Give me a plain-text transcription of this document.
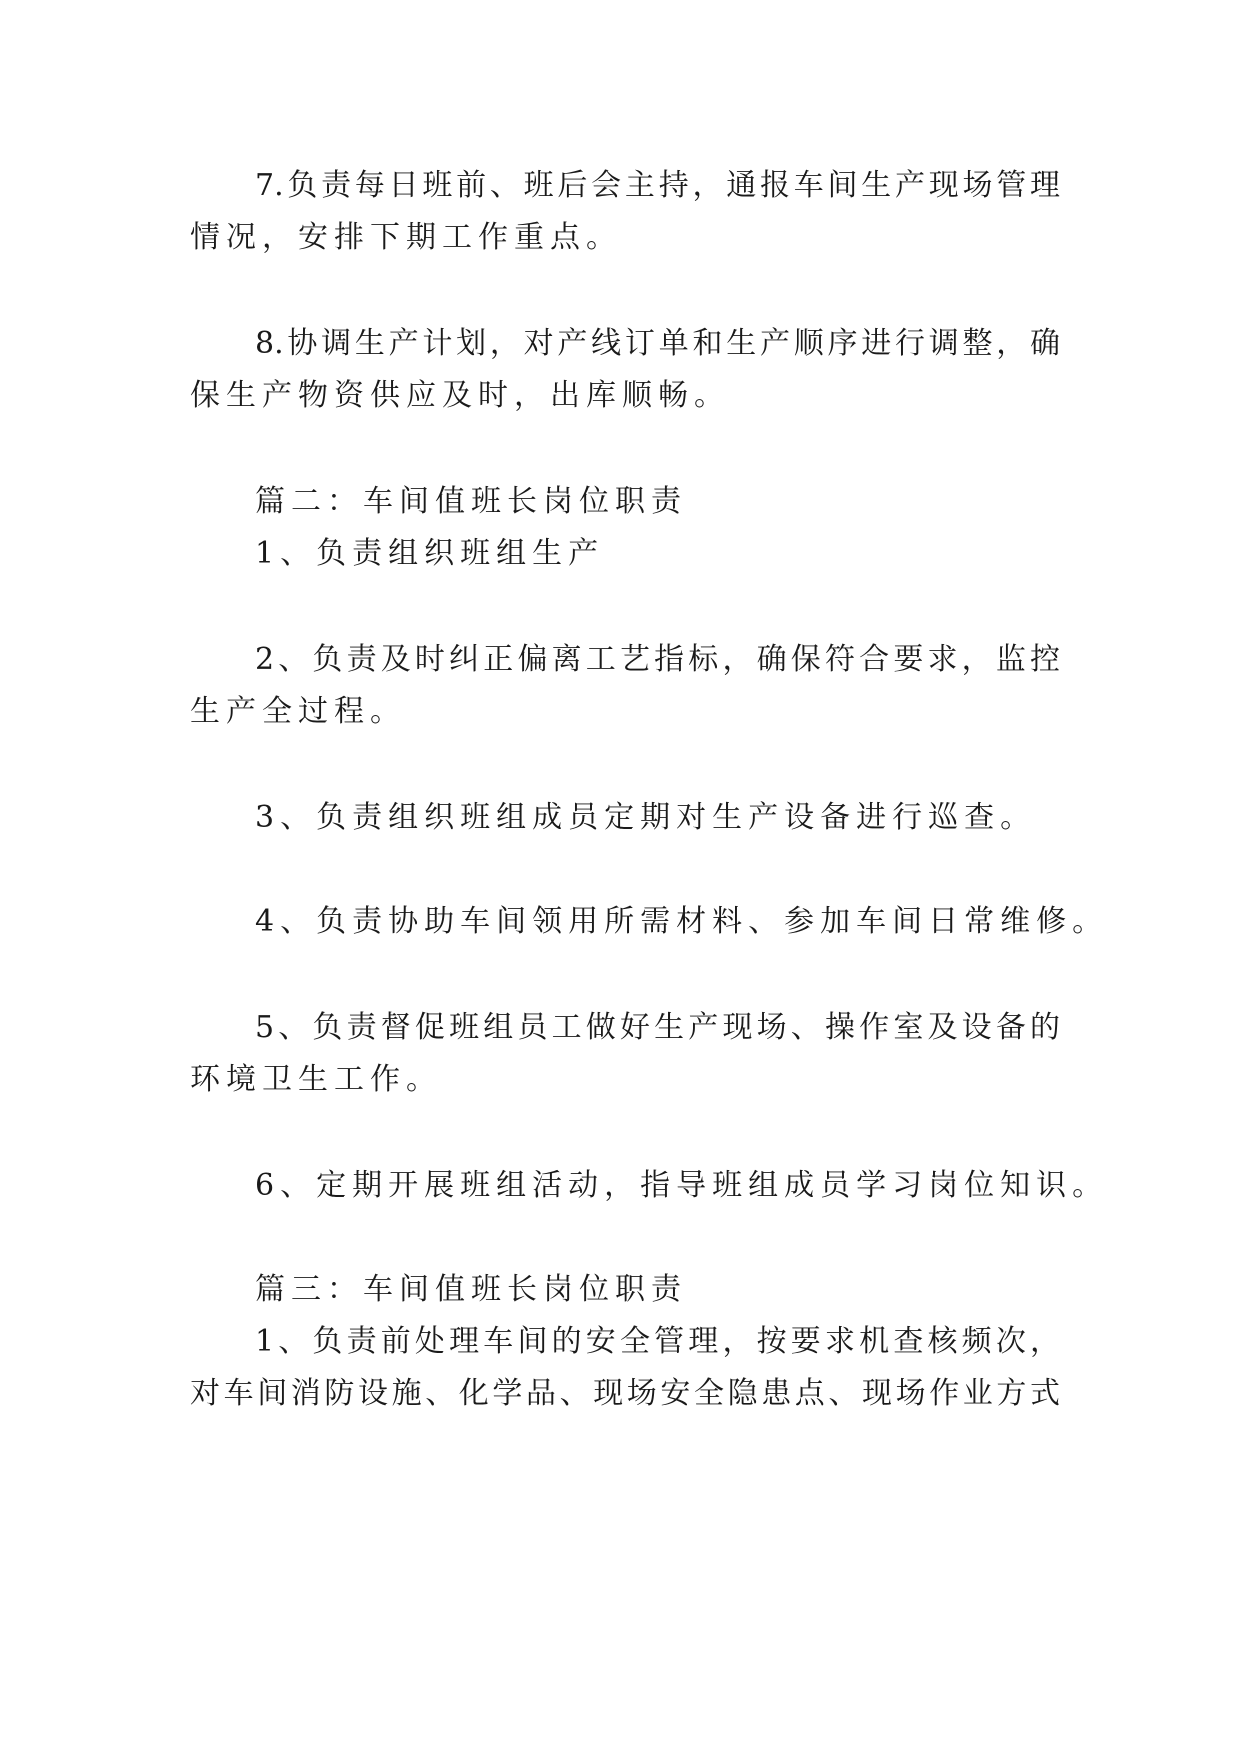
7.负责每日班前、班后会主持，通报车间生产现场管理
情况，安排下期工作重点。
8.协调生产计划，对产线订单和生产顺序进行调整，确
保生产物资供应及时，出库顺畅。
篇二：车间值班长岗位职责
1、负责组织班组生产
2、负责及时纠正偏离工艺指标，确保符合要求，监控
生产全过程。
3、负责组织班组成员定期对生产设备进行巡查。
4、负责协助车间领用所需材料、参加车间日常维修。
5、负责督促班组员工做好生产现场、操作室及设备的
环境卫生工作。
6、定期开展班组活动，指导班组成员学习岗位知识。
篇三：车间值班长岗位职责
1、负责前处理车间的安全管理，按要求机查核频次，
对车间消防设施、化学品、现场安全隐患点、现场作业方式
